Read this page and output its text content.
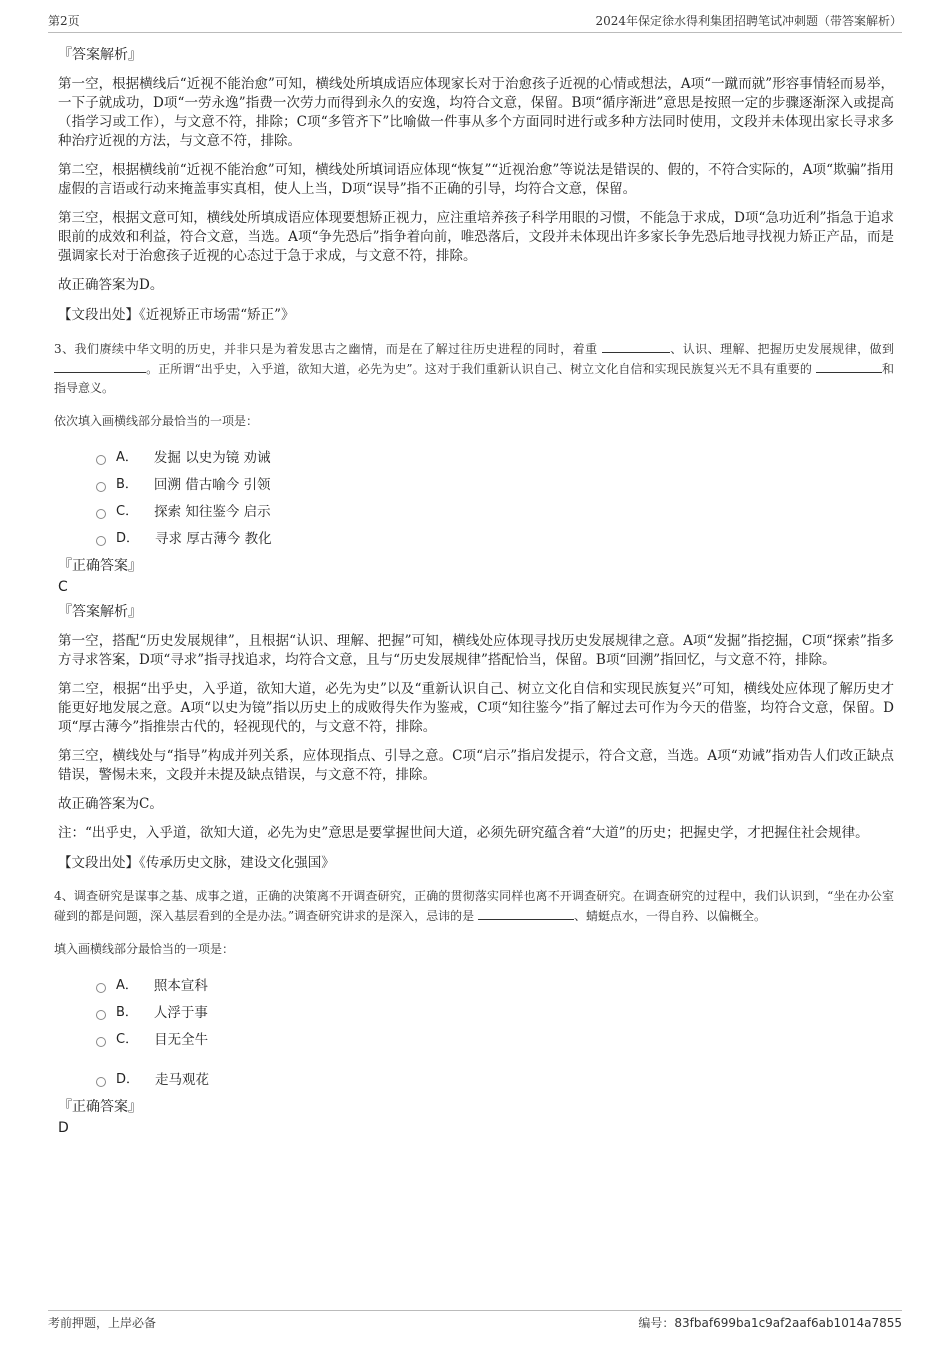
第2页	2024年保定徐水得利集团招聘笔试冲刺题（带答案解析）
『答案解析』

第一空，根据横线后“近视不能治愈”可知，横线处所填成语应体现家长对于治愈孩子近视的心情或想法，A项“一蹴而就”形容事情轻而易举，一下子就成功，D项“一劳永逸”指费一次劳力而得到永久的安逸，均符合文意，保留。B项“循序渐进”意思是按照一定的步骤逐渐深入或提高（指学习或工作），与文意不符，排除；C项“多管齐下”比喻做一件事从多个方面同时进行或多种方法同时使用，文段并未体现出家长寻求多种治疗近视的方法，与文意不符，排除。

第二空，根据横线前“近视不能治愈”可知，横线处所填词语应体现“恢复”“近视治愈”等说法是错误的、假的，不符合实际的，A项“欺骗”指用虚假的言语或行动来掩盖事实真相，使人上当，D项“误导”指不正确的引导，均符合文意，保留。

第三空，根据文意可知，横线处所填成语应体现要想矫正视力，应注重培养孩子科学用眼的习惯，不能急于求成，D项“急功近利”指急于追求眼前的成效和利益，符合文意，当选。A项“争先恐后”指争着向前，唯恐落后，文段并未体现出许多家长争先恐后地寻找视力矫正产品，而是强调家长对于治愈孩子近视的心态过于急于求成，与文意不符，排除。

故正确答案为D。

【文段出处】《近视矫正市场需“矫正”》

3、我们赓续中华文明的历史，并非只是为着发思古之幽情，而是在了解过往历史进程的同时，着重	、认识、理解、把握历史发展规律，做到 。正所谓“出乎史，入乎道，欲知大道，必先为史”。这对于我们重新认识自己、树立文化自信和实现民族复兴无不具有重要的	和指导意义。

依次填入画横线部分最恰当的一项是：
A． 发掘 以史为镜 劝诫
B． 回溯 借古喻今 引领
C． 探索 知往鉴今 启示
D． 寻求 厚古薄今 教化
『正确答案』
C
『答案解析』

第一空，搭配“历史发展规律”，且根据“认识、理解、把握”可知，横线处应体现寻找历史发展规律之意。A项“发掘”指挖掘，C项“探索”指多方寻求答案，D项“寻求”指寻找追求，均符合文意，且与“历史发展规律”搭配恰当，保留。B项“回溯”指回忆，与文意不符，排除。

第二空，根据“出乎史，入乎道，欲知大道，必先为史”以及“重新认识自己、树立文化自信和实现民族复兴”可知，横线处应体现了解历史才能更好地发展之意。A项“以史为镜”指以历史上的成败得失作为鉴戒，C项“知往鉴今”指了解过去可作为今天的借鉴，均符合文意，保留。D项“厚古薄今”指推崇古代的，轻视现代的，与文意不符，排除。

第三空，横线处与“指导”构成并列关系，应体现指点、引导之意。C项“启示”指启发提示，符合文意，当选。A项“劝诫”指劝告人们改正缺点错误，警惕未来，文段并未提及缺点错误，与文意不符，排除。

故正确答案为C。

注：“出乎史，入乎道，欲知大道，必先为史”意思是要掌握世间大道，必须先研究蕴含着“大道”的历史；把握史学，才把握住社会规律。

【文段出处】《传承历史文脉，建设文化强国》

4、调查研究是谋事之基、成事之道，正确的决策离不开调查研究，正确的贯彻落实同样也离不开调查研究。在调查研究的过程中，我们认识到，“坐在办公室碰到的都是问题，深入基层看到的全是办法。”调查研究讲求的是深入，忌讳的是	、蜻蜓点水，一得自矜、以偏概全。

填入画横线部分最恰当的一项是：
A． 照本宣科
B． 人浮于事
C． 目无全牛
D． 走马观花
『正确答案』
D
考前押题，上岸必备	编号：83fbaf699ba1c9af2aaf6ab1014a7855
